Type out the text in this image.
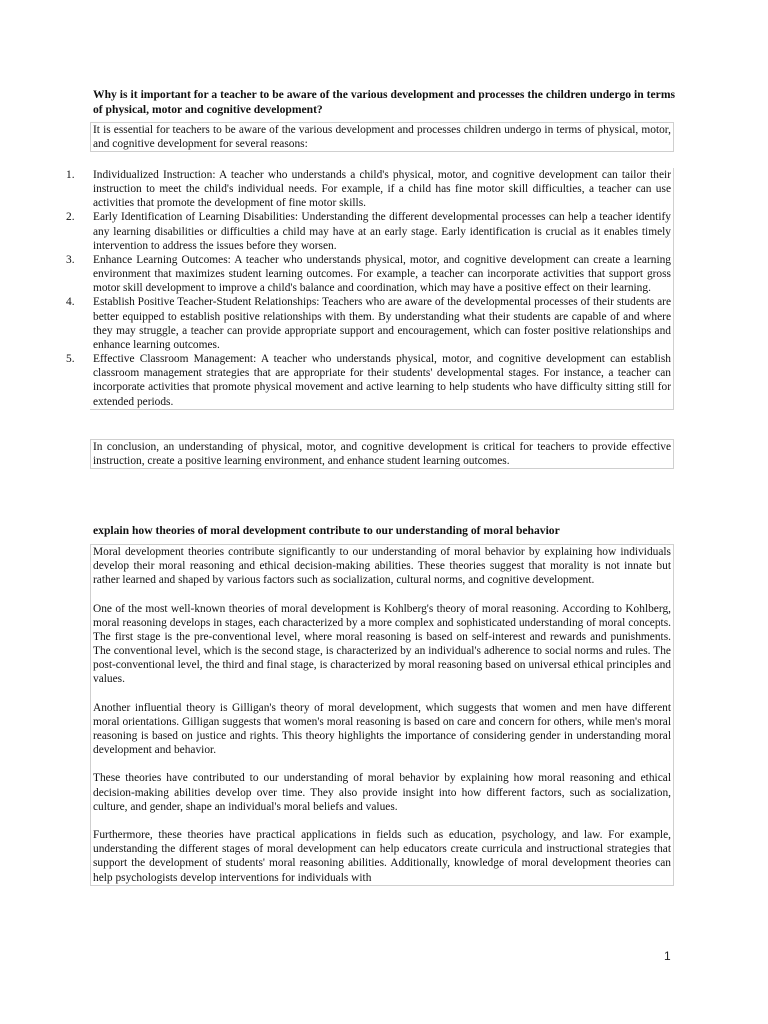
Why is it important for a teacher to be aware of the various development and processes the children undergo in terms of physical, motor and cognitive development?

It is essential for teachers to be aware of the various development and processes children undergo in terms of physical, motor, and cognitive development for several reasons:

1.	Individualized Instruction: A teacher who understands a child's physical, motor, and cognitive development can tailor their instruction to meet the child's individual needs. For example, if a child has fine motor skill difficulties, a teacher can use activities that promote the development of fine motor skills.
2.	Early Identification of Learning Disabilities: Understanding the different developmental processes can help a teacher identify any learning disabilities or difficulties a child may have at an early stage. Early identification is crucial as it enables timely intervention to address the issues before they worsen.
3.	Enhance Learning Outcomes: A teacher who understands physical, motor, and cognitive development can create a learning environment that maximizes student learning outcomes. For example, a teacher can incorporate activities that support gross motor skill development to improve a child's balance and coordination, which may have a positive effect on their learning.
4.	Establish Positive Teacher-Student Relationships: Teachers who are aware of the developmental processes of their students are better equipped to establish positive relationships with them. By understanding what their students are capable of and where they may struggle, a teacher can provide appropriate support and encouragement, which can foster positive relationships and enhance learning outcomes.
5.	Effective Classroom Management: A teacher who understands physical, motor, and cognitive development can establish classroom management strategies that are appropriate for their students' developmental stages. For instance, a teacher can incorporate activities that promote physical movement and active learning to help students who have difficulty sitting still for extended periods.

In conclusion, an understanding of physical, motor, and cognitive development is critical for teachers to provide effective instruction, create a positive learning environment, and enhance student learning outcomes.

explain how theories of moral development contribute to our understanding of moral behavior

Moral development theories contribute significantly to our understanding of moral behavior by explaining how individuals develop their moral reasoning and ethical decision-making abilities. These theories suggest that morality is not innate but rather learned and shaped by various factors such as socialization, cultural norms, and cognitive development.

One of the most well-known theories of moral development is Kohlberg's theory of moral reasoning. According to Kohlberg, moral reasoning develops in stages, each characterized by a more complex and sophisticated understanding of moral concepts. The first stage is the pre-conventional level, where moral reasoning is based on self-interest and rewards and punishments. The conventional level, which is the second stage, is characterized by an individual's adherence to social norms and rules. The post-conventional level, the third and final stage, is characterized by moral reasoning based on universal ethical principles and values.

Another influential theory is Gilligan's theory of moral development, which suggests that women and men have different moral orientations. Gilligan suggests that women's moral reasoning is based on care and concern for others, while men's moral reasoning is based on justice and rights. This theory highlights the importance of considering gender in understanding moral development and behavior.

These theories have contributed to our understanding of moral behavior by explaining how moral reasoning and ethical decision-making abilities develop over time. They also provide insight into how different factors, such as socialization, culture, and gender, shape an individual's moral beliefs and values.

Furthermore, these theories have practical applications in fields such as education, psychology, and law. For example, understanding the different stages of moral development can help educators create curricula and instructional strategies that support the development of students' moral reasoning abilities. Additionally, knowledge of moral development theories can help psychologists develop interventions for individuals with

1
